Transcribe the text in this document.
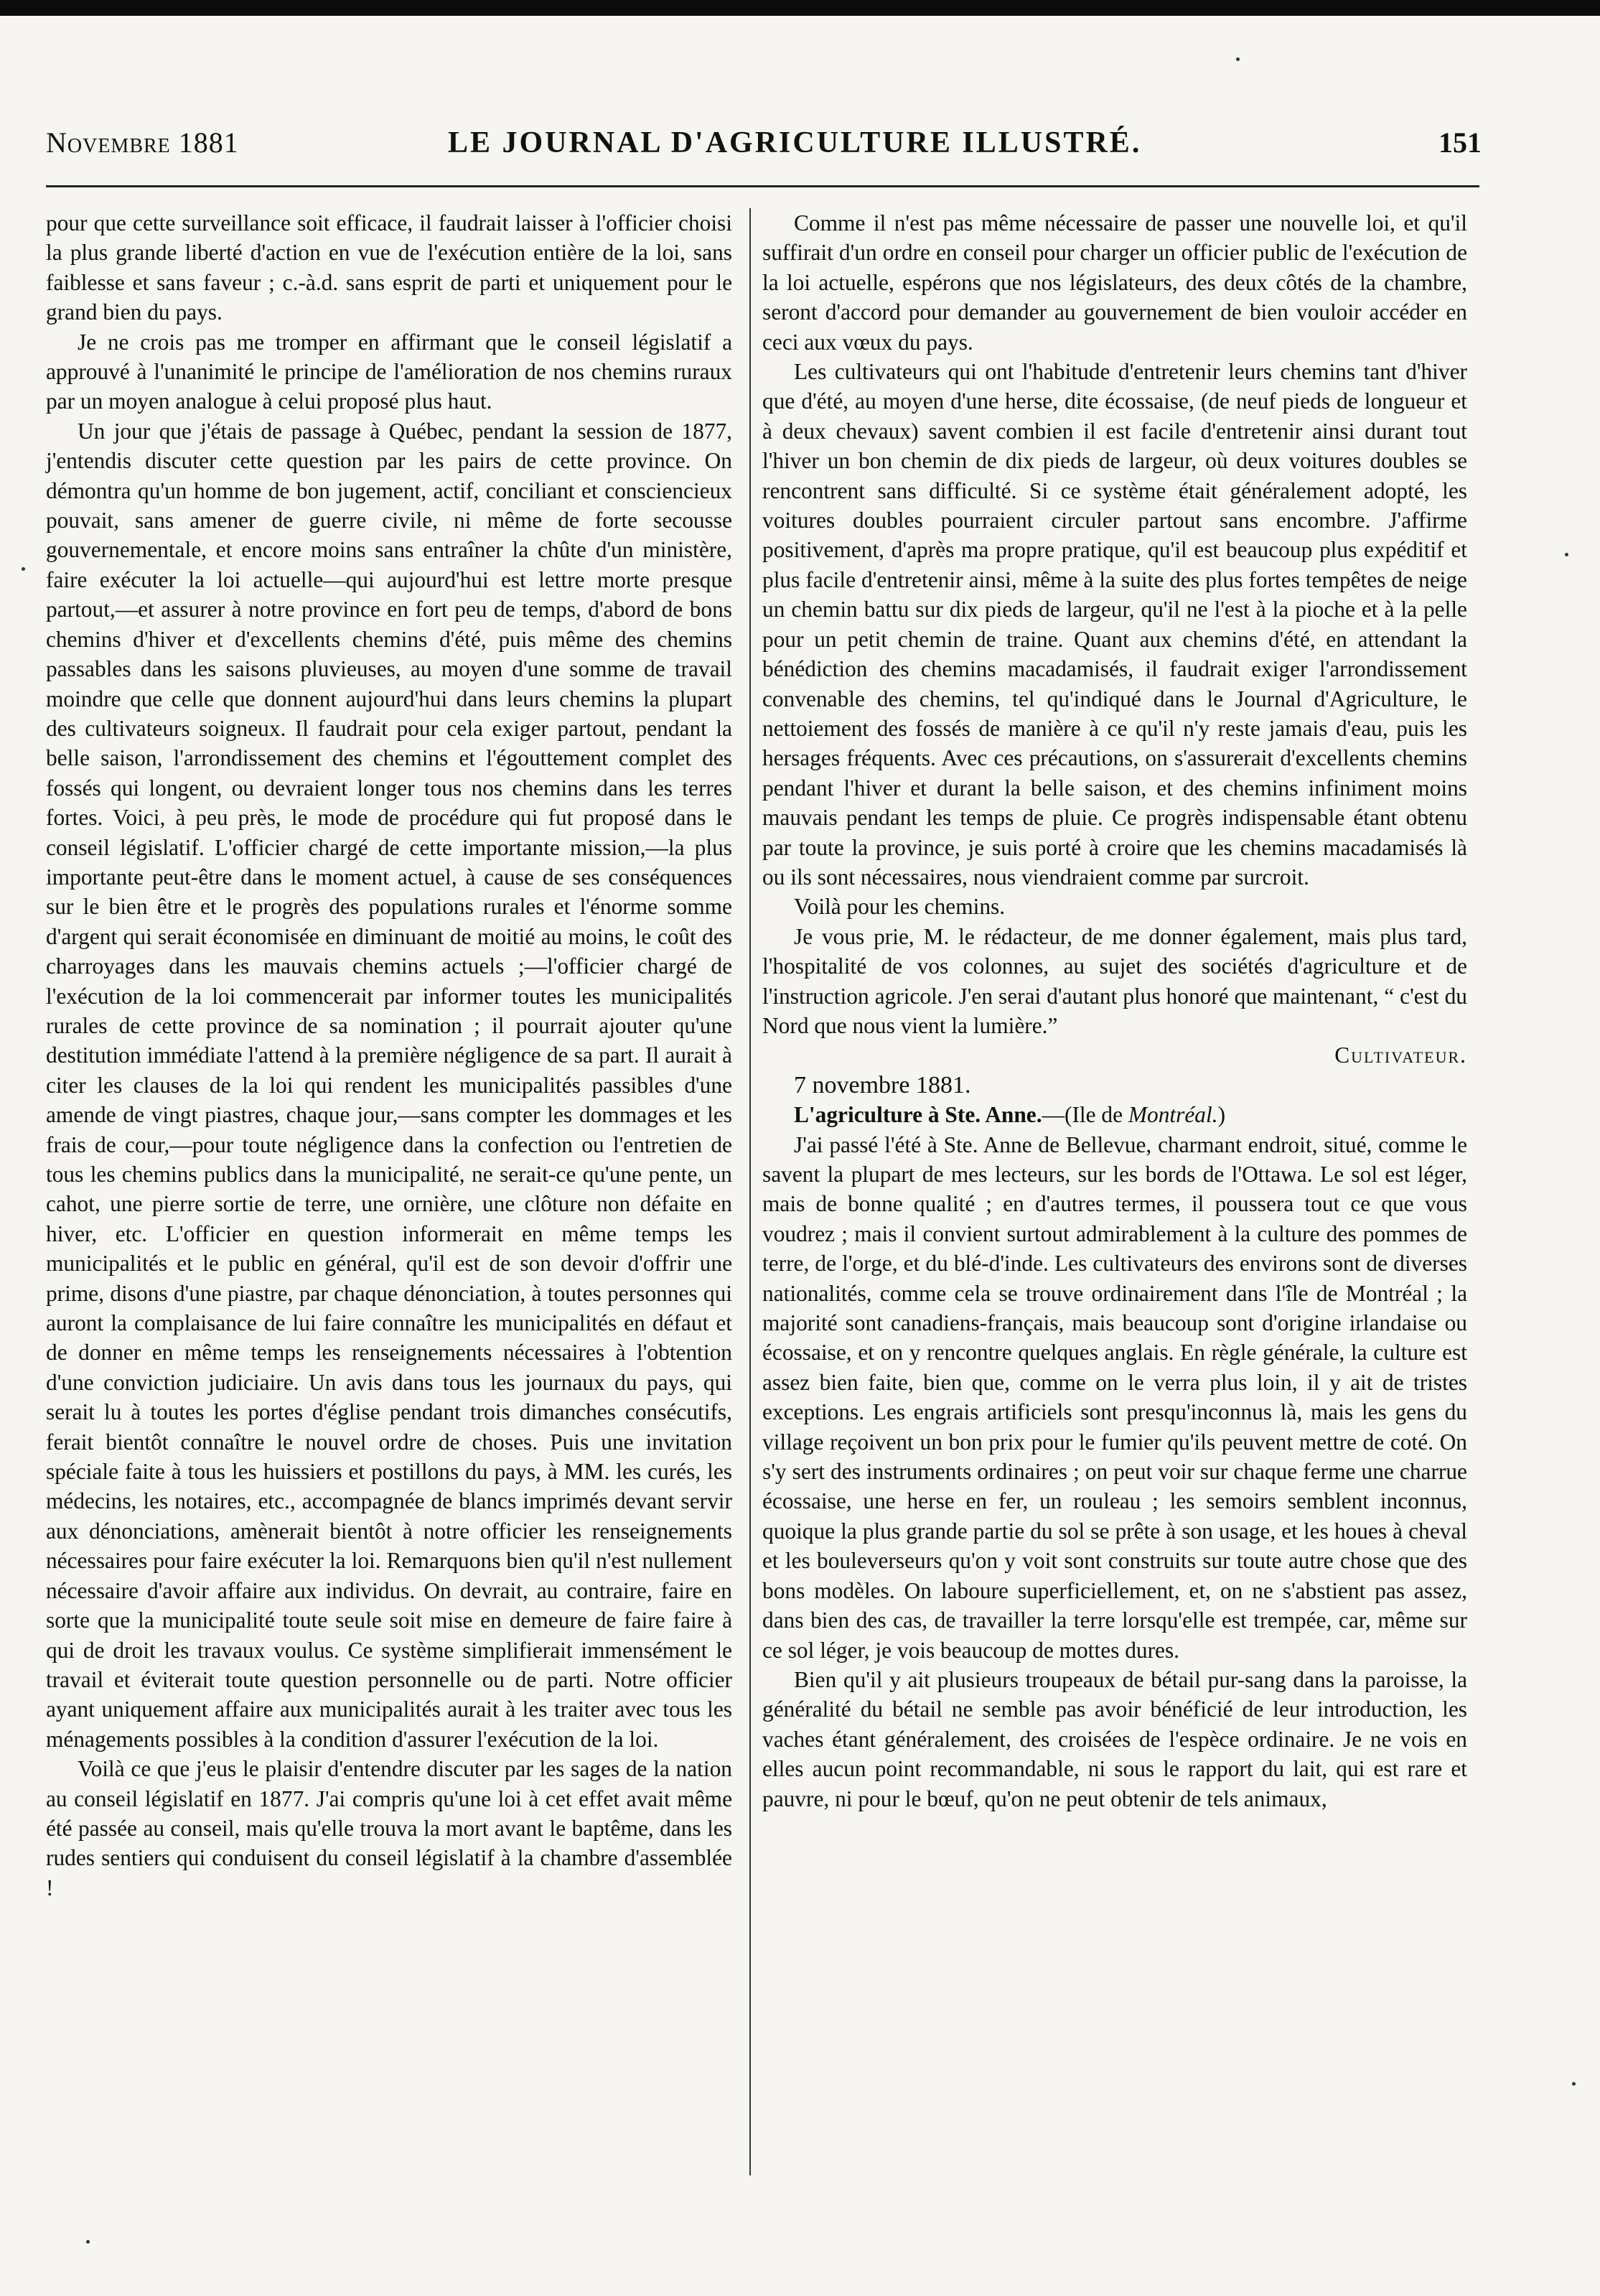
Novembre 1881	LE JOURNAL D'AGRICULTURE ILLUSTRÉ.	151

pour que cette surveillance soit efficace, il faudrait laisser à l'officier choisi la plus grande liberté d'action en vue de l'exécution entière de la loi, sans faiblesse et sans faveur ; c.-à.d. sans esprit de parti et uniquement pour le grand bien du pays.

Je ne crois pas me tromper en affirmant que le conseil législatif a approuvé à l'unanimité le principe de l'amélioration de nos chemins ruraux par un moyen analogue à celui proposé plus haut.

Un jour que j'étais de passage à Québec, pendant la session de 1877, j'entendis discuter cette question par les pairs de cette province. On démontra qu'un homme de bon jugement, actif, conciliant et consciencieux pouvait, sans amener de guerre civile, ni même de forte secousse gouvernementale, et encore moins sans entraîner la chûte d'un ministère, faire exécuter la loi actuelle—qui aujourd'hui est lettre morte presque partout,—et assurer à notre province en fort peu de temps, d'abord de bons chemins d'hiver et d'excellents chemins d'été, puis même des chemins passables dans les saisons pluvieuses, au moyen d'une somme de travail moindre que celle que donnent aujourd'hui dans leurs chemins la plupart des cultivateurs soigneux. Il faudrait pour cela exiger partout, pendant la belle saison, l'arrondissement des chemins et l'égouttement complet des fossés qui longent, ou devraient longer tous nos chemins dans les terres fortes. Voici, à peu près, le mode de procédure qui fut proposé dans le conseil législatif. L'officier chargé de cette importante mission,—la plus importante peut-être dans le moment actuel, à cause de ses conséquences sur le bien être et le progrès des populations rurales et l'énorme somme d'argent qui serait économisée en diminuant de moitié au moins, le coût des charroyages dans les mauvais chemins actuels ;—l'officier chargé de l'exécution de la loi commencerait par informer toutes les municipalités rurales de cette province de sa nomination ; il pourrait ajouter qu'une destitution immédiate l'attend à la première négligence de sa part. Il aurait à citer les clauses de la loi qui rendent les municipalités passibles d'une amende de vingt piastres, chaque jour,—sans compter les dommages et les frais de cour,—pour toute négligence dans la confection ou l'entretien de tous les chemins publics dans la municipalité, ne serait-ce qu'une pente, un cahot, une pierre sortie de terre, une ornière, une clôture non défaite en hiver, etc. L'officier en question informerait en même temps les municipalités et le public en général, qu'il est de son devoir d'offrir une prime, disons d'une piastre, par chaque dénonciation, à toutes personnes qui auront la complaisance de lui faire connaître les municipalités en défaut et de donner en même temps les renseignements nécessaires à l'obtention d'une conviction judiciaire. Un avis dans tous les journaux du pays, qui serait lu à toutes les portes d'église pendant trois dimanches consécutifs, ferait bientôt connaître le nouvel ordre de choses. Puis une invitation spéciale faite à tous les huissiers et postillons du pays, à MM. les curés, les médecins, les notaires, etc., accompagnée de blancs imprimés devant servir aux dénonciations, amènerait bientôt à notre officier les renseignements nécessaires pour faire exécuter la loi. Remarquons bien qu'il n'est nullement nécessaire d'avoir affaire aux individus. On devrait, au contraire, faire en sorte que la municipalité toute seule soit mise en demeure de faire faire à qui de droit les travaux voulus. Ce système simplifierait immensément le travail et éviterait toute question personnelle ou de parti. Notre officier ayant uniquement affaire aux municipalités aurait à les traiter avec tous les ménagements possibles à la condition d'assurer l'exécution de la loi.

Voilà ce que j'eus le plaisir d'entendre discuter par les sages de la nation au conseil législatif en 1877. J'ai compris qu'une loi à cet effet avait même été passée au conseil, mais qu'elle trouva la mort avant le baptême, dans les rudes sentiers qui conduisent du conseil législatif à la chambre d'assemblée !

Comme il n'est pas même nécessaire de passer une nouvelle loi, et qu'il suffirait d'un ordre en conseil pour charger un officier public de l'exécution de la loi actuelle, espérons que nos législateurs, des deux côtés de la chambre, seront d'accord pour demander au gouvernement de bien vouloir accéder en ceci aux vœux du pays.

Les cultivateurs qui ont l'habitude d'entretenir leurs chemins tant d'hiver que d'été, au moyen d'une herse, dite écossaise, (de neuf pieds de longueur et à deux chevaux) savent combien il est facile d'entretenir ainsi durant tout l'hiver un bon chemin de dix pieds de largeur, où deux voitures doubles se rencontrent sans difficulté. Si ce système était généralement adopté, les voitures doubles pourraient circuler partout sans encombre. J'affirme positivement, d'après ma propre pratique, qu'il est beaucoup plus expéditif et plus facile d'entretenir ainsi, même à la suite des plus fortes tempêtes de neige un chemin battu sur dix pieds de largeur, qu'il ne l'est à la pioche et à la pelle pour un petit chemin de traine. Quant aux chemins d'été, en attendant la bénédiction des chemins macadamisés, il faudrait exiger l'arrondissement convenable des chemins, tel qu'indiqué dans le Journal d'Agriculture, le nettoiement des fossés de manière à ce qu'il n'y reste jamais d'eau, puis les hersages fréquents. Avec ces précautions, on s'assurerait d'excellents chemins pendant l'hiver et durant la belle saison, et des chemins infiniment moins mauvais pendant les temps de pluie. Ce progrès indispensable étant obtenu par toute la province, je suis porté à croire que les chemins macadamisés là ou ils sont nécessaires, nous viendraient comme par surcroit.

Voilà pour les chemins.

Je vous prie, M. le rédacteur, de me donner également, mais plus tard, l'hospitalité de vos colonnes, au sujet des sociétés d'agriculture et de l'instruction agricole. J'en serai d'autant plus honoré que maintenant, “ c'est du Nord que nous vient la lumière.”

Cultivateur.

7 novembre 1881.

L'agriculture à Ste. Anne.—(Ile de Montréal.)

J'ai passé l'été à Ste. Anne de Bellevue, charmant endroit, situé, comme le savent la plupart de mes lecteurs, sur les bords de l'Ottawa. Le sol est léger, mais de bonne qualité ; en d'autres termes, il poussera tout ce que vous voudrez ; mais il convient surtout admirablement à la culture des pommes de terre, de l'orge, et du blé-d'inde. Les cultivateurs des environs sont de diverses nationalités, comme cela se trouve ordinairement dans l'île de Montréal ; la majorité sont canadiens-français, mais beaucoup sont d'origine irlandaise ou écossaise, et on y rencontre quelques anglais. En règle générale, la culture est assez bien faite, bien que, comme on le verra plus loin, il y ait de tristes exceptions. Les engrais artificiels sont presqu'inconnus là, mais les gens du village reçoivent un bon prix pour le fumier qu'ils peuvent mettre de coté. On s'y sert des instruments ordinaires ; on peut voir sur chaque ferme une charrue écossaise, une herse en fer, un rouleau ; les semoirs semblent inconnus, quoique la plus grande partie du sol se prête à son usage, et les houes à cheval et les bouleverseurs qu'on y voit sont construits sur toute autre chose que des bons modèles. On laboure superficiellement, et, on ne s'abstient pas assez, dans bien des cas, de travailler la terre lorsqu'elle est trempée, car, même sur ce sol léger, je vois beaucoup de mottes dures.

Bien qu'il y ait plusieurs troupeaux de bétail pur-sang dans la paroisse, la généralité du bétail ne semble pas avoir bénéficié de leur introduction, les vaches étant généralement, des croisées de l'espèce ordinaire. Je ne vois en elles aucun point recommandable, ni sous le rapport du lait, qui est rare et pauvre, ni pour le bœuf, qu'on ne peut obtenir de tels animaux,
